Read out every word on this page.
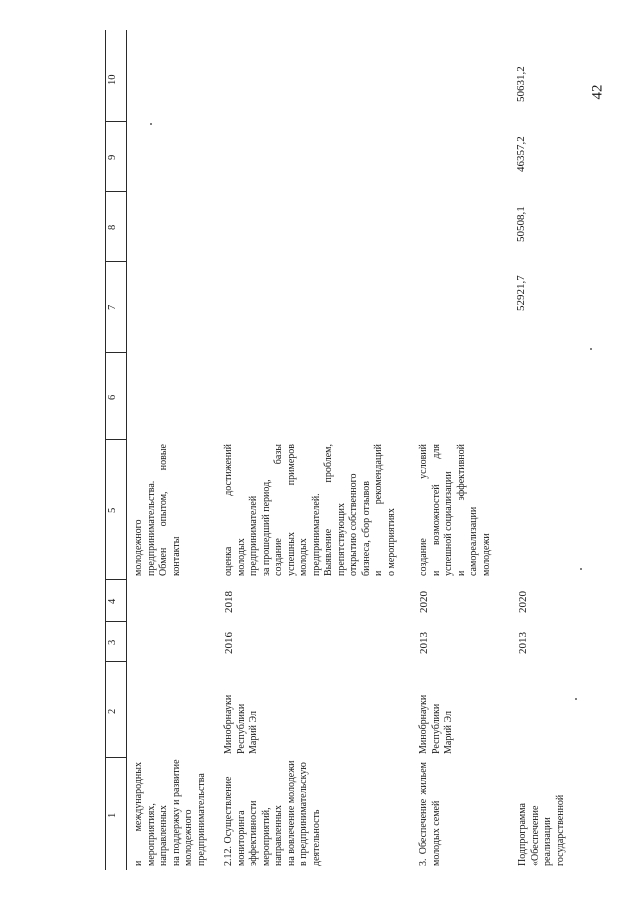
42
1
2
3
4
5
6
7
8
9
10
и международных мероприятиях, направленных на поддержку и развитие молодежного предпринимательства
молодежного предпринимательства. Обмен опытом, новые контакты
2.12. Осуществление мониторинга эффективности мероприятий, направленных на вовлечение молодежи в предпринимательскую деятельность
Минобрнауки Республики Марий Эл
2016
2018
оценка достижений молодых предпринимателей за прошедший период, создание базы успешных примеров молодых предпринимателей. Выявление проблем, препятствующих открытию собственного бизнеса, сбор отзывов и рекомендаций о мероприятиях
3. Обеспечение жильем молодых семей
Минобрнауки Республики Марий Эл
2013
2020
создание условий и возможностей для успешной социализации и эффективной самореализации молодежи
Подпрограмма «Обеспечение реализации государственной
2013
2020
52921,7
50508,1
46357,2
50631,2
